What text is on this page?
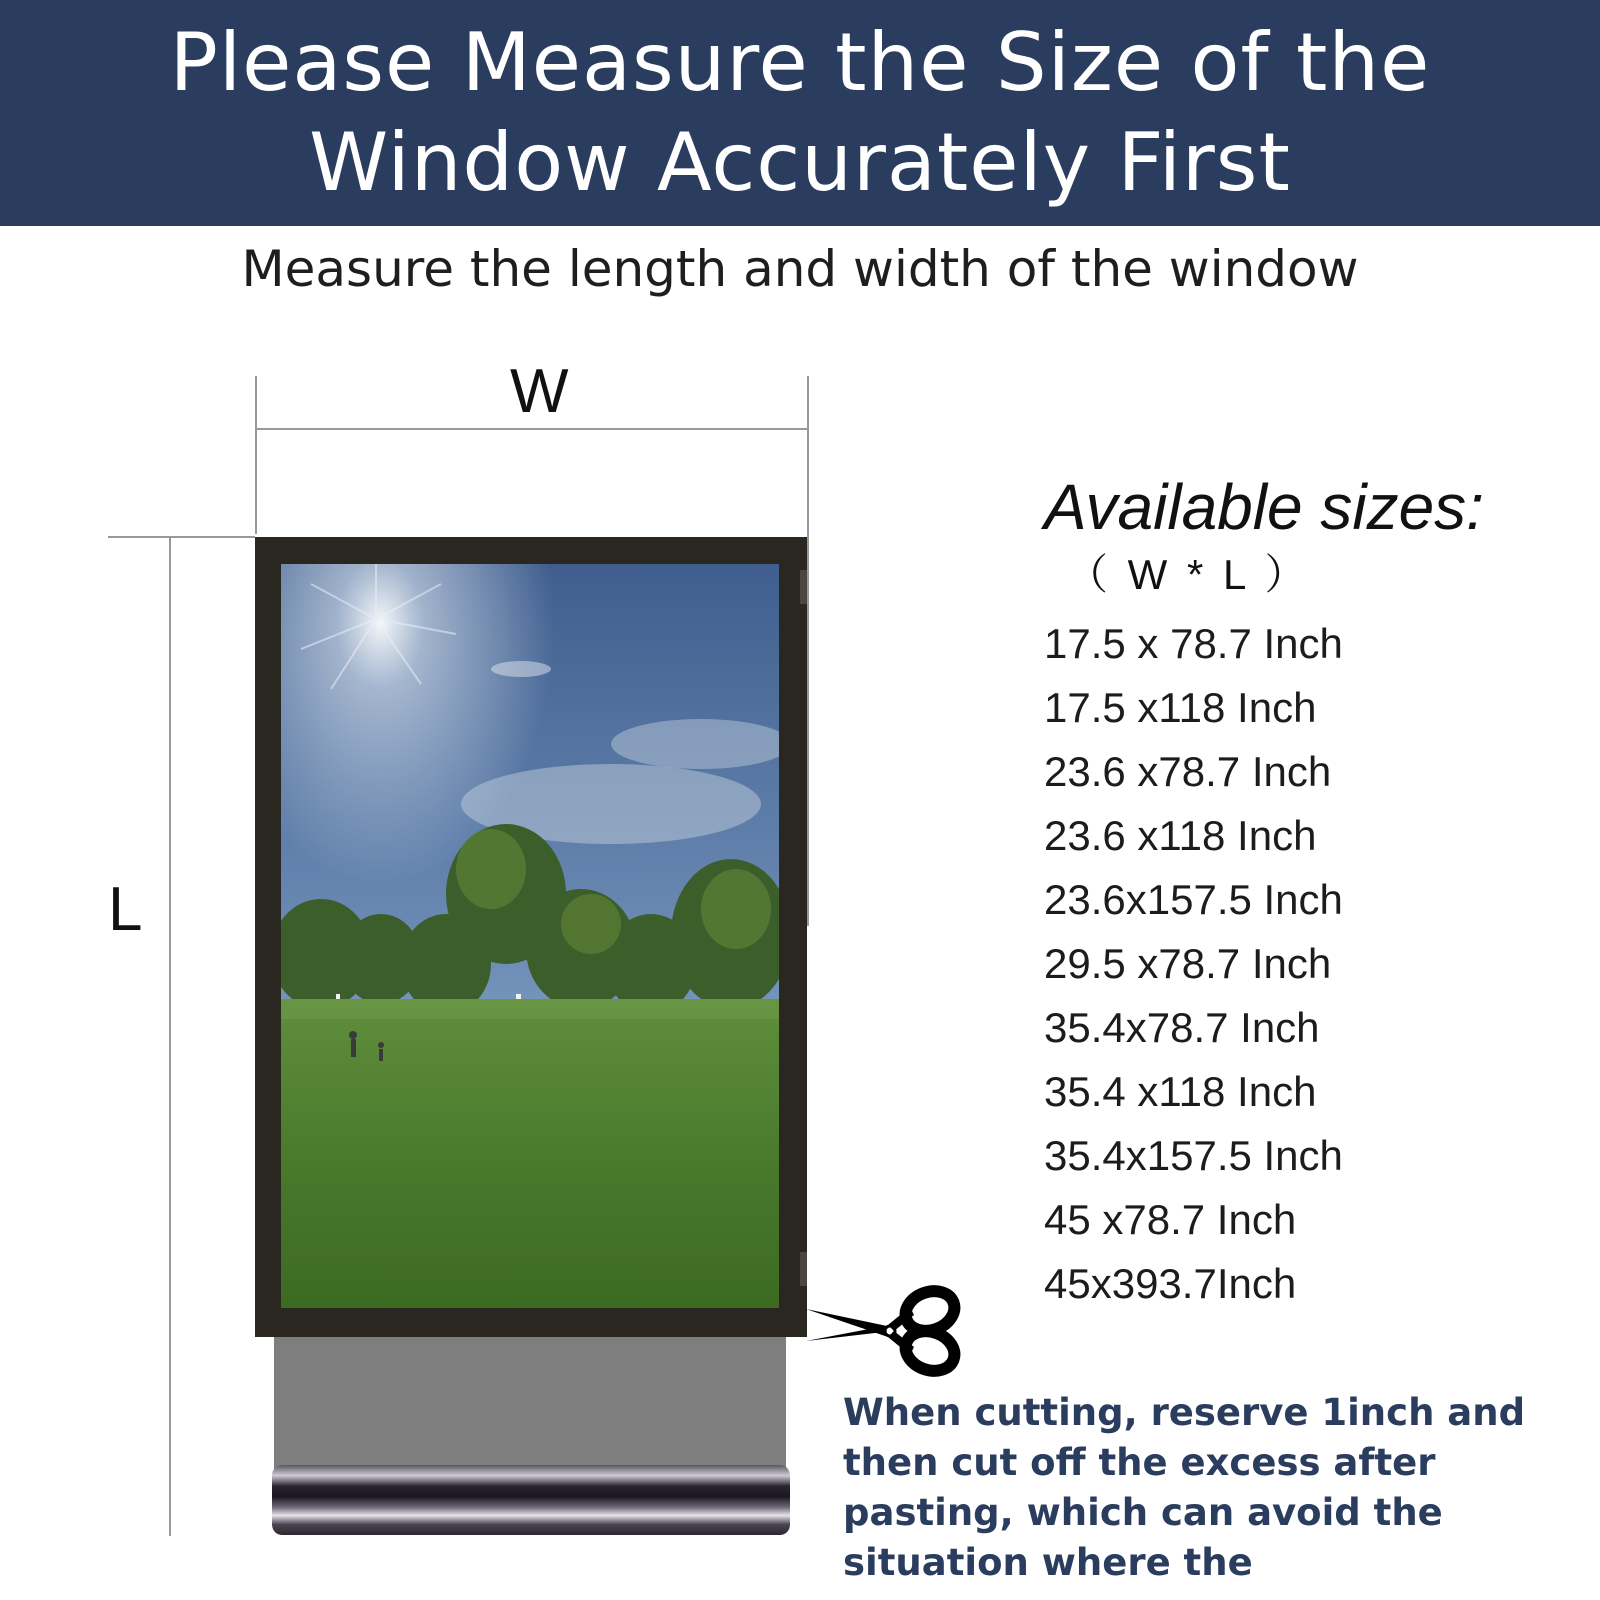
Please Measure the Size of the
Window Accurately First
Measure the length and width of the window
W
L
Available sizes:
（ W * L ）
17.5 x 78.7 Inch
17.5 x118 Inch
23.6 x78.7 Inch
23.6 x118 Inch
23.6x157.5 Inch
29.5 x78.7 Inch
35.4x78.7 Inch
35.4 x118 Inch
35.4x157.5 Inch
45 x78.7 Inch
45x393.7Inch
When cutting, reserve 1inch and then cut off the excess after pasting, which can avoid the situation where the
